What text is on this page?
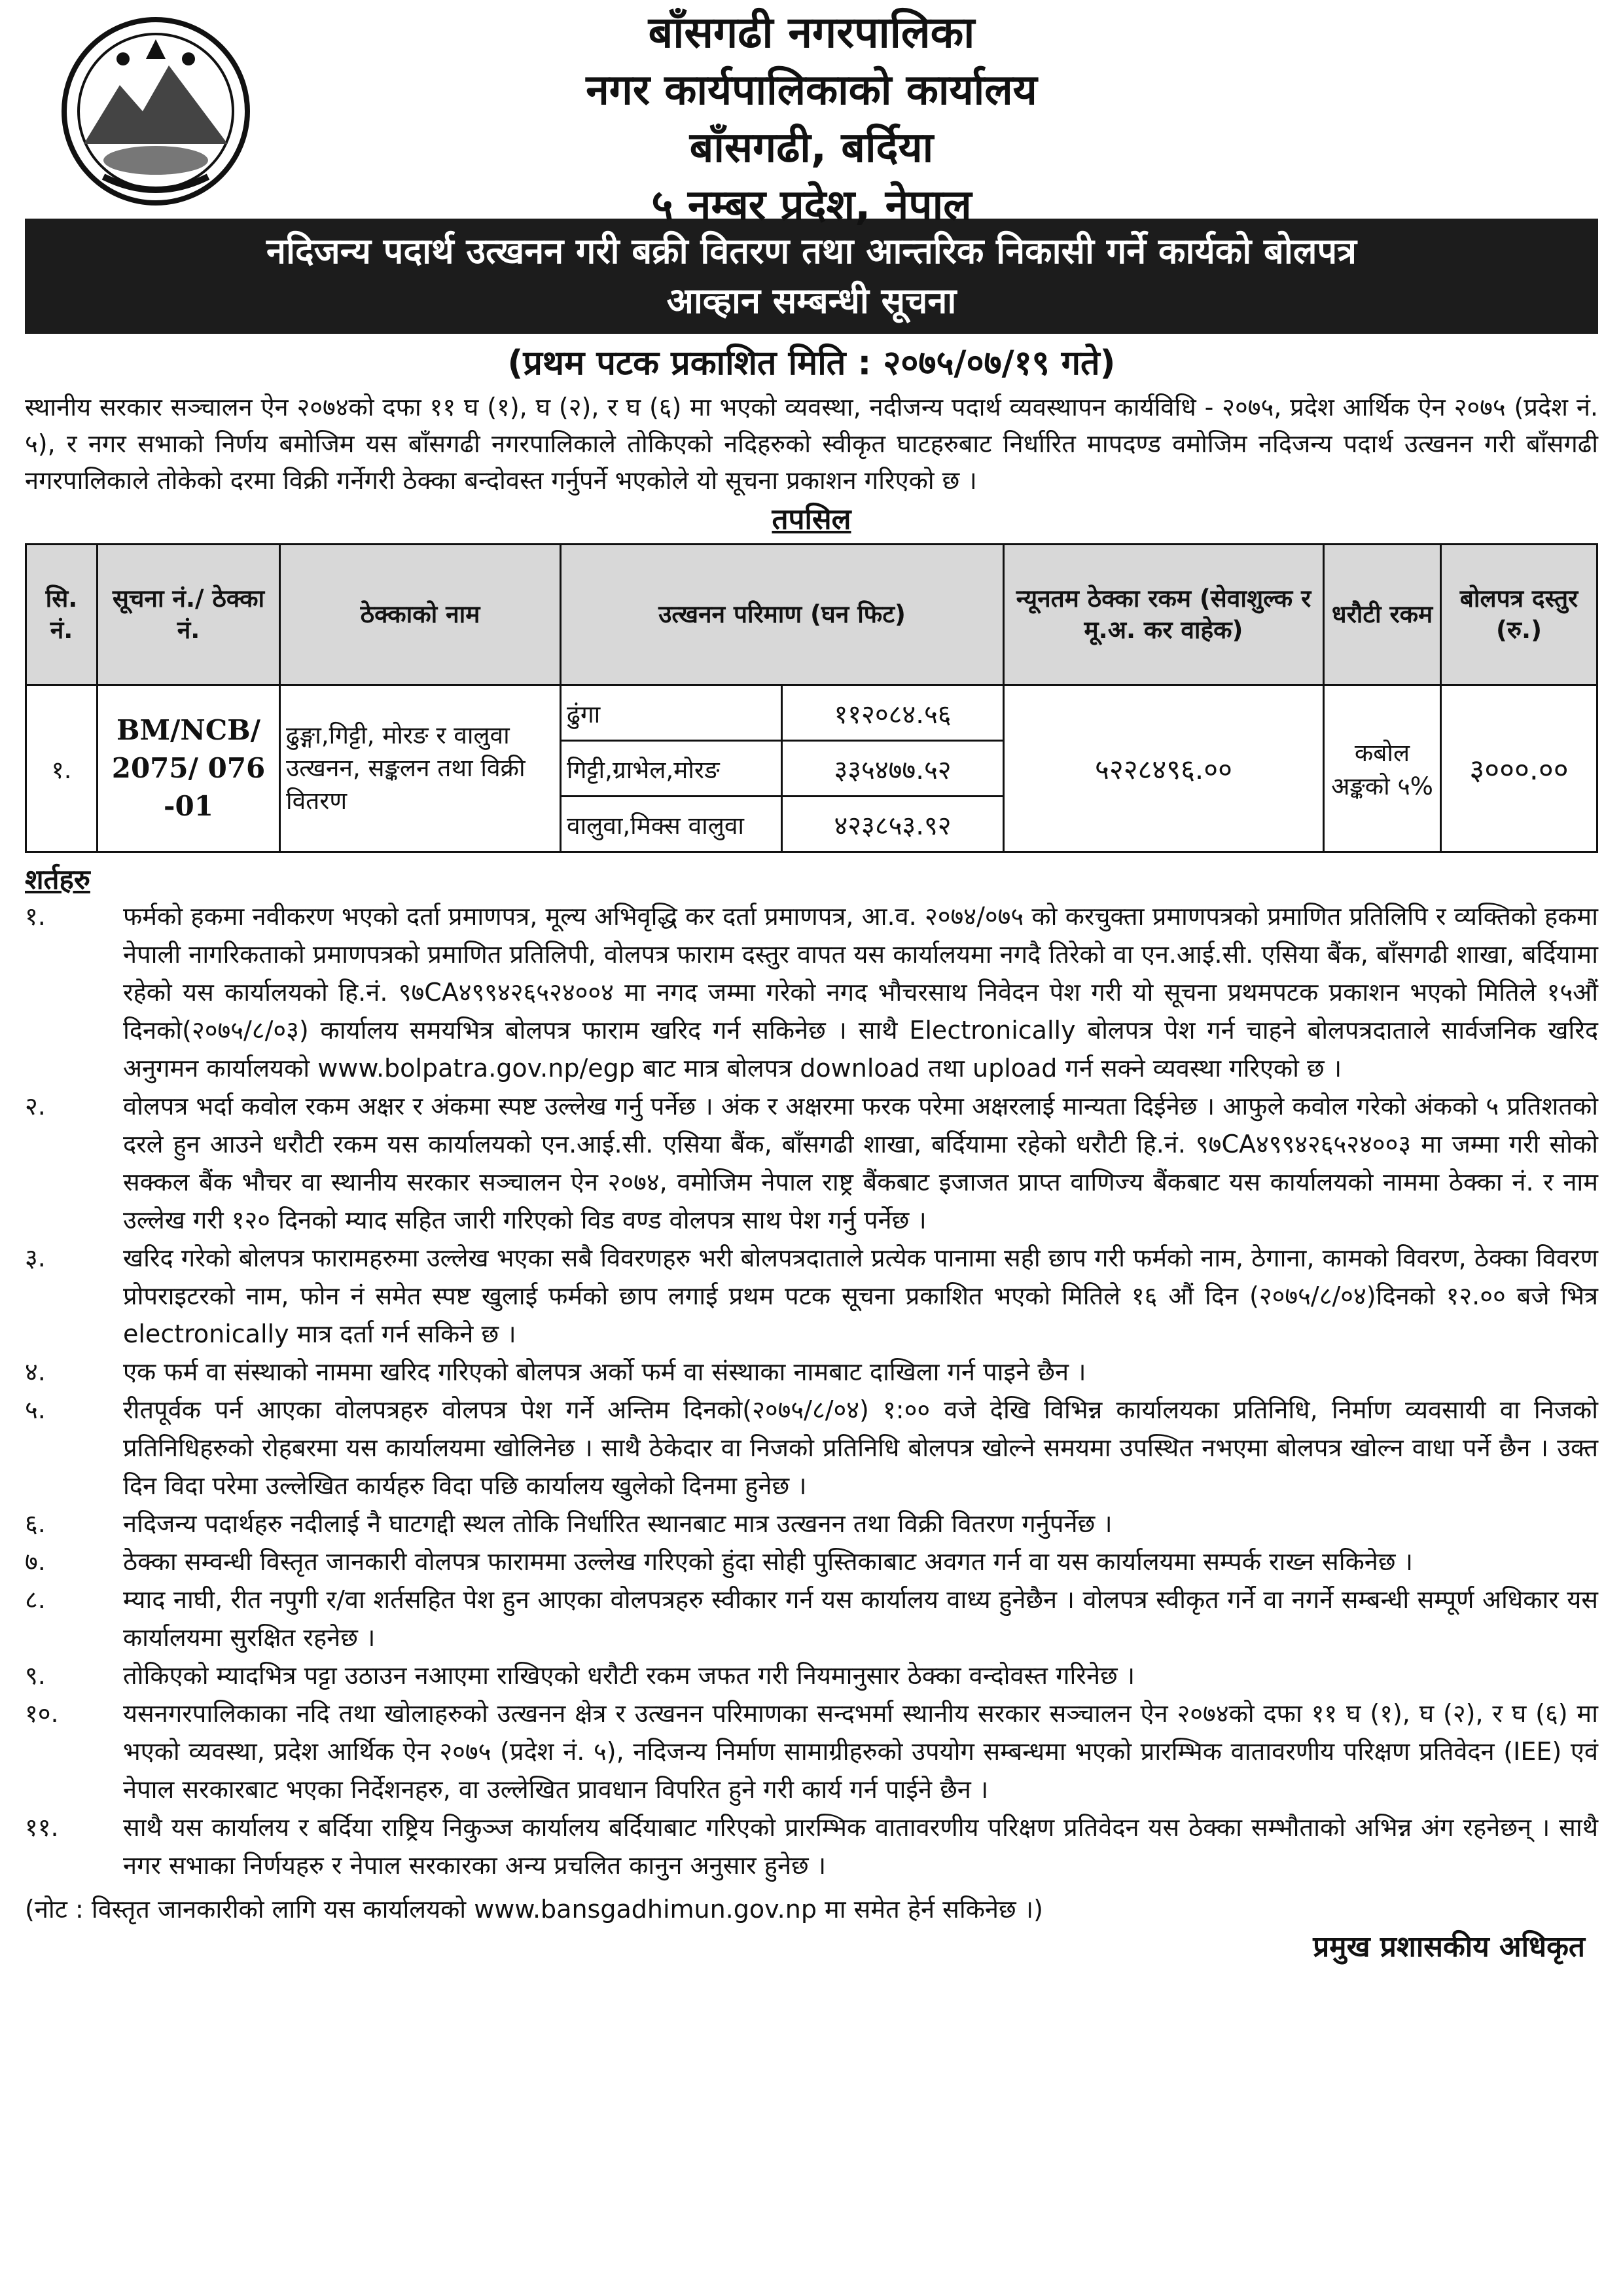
बाँसगढी नगरपालिका
नगर कार्यपालिकाको कार्यालय
बाँसगढी, बर्दिया
५ नम्बर प्रदेश, नेपाल
नदिजन्य पदार्थ उत्खनन गरी बक्री वितरण तथा आन्तरिक निकासी गर्ने कार्यको बोलपत्र
आव्हान सम्बन्धी सूचना
(प्रथम पटक प्रकाशित मिति : २०७५/०७/१९ गते)

स्थानीय सरकार सञ्चालन ऐन २०७४को दफा ११ घ (१), घ (२), र घ (६) मा भएको व्यवस्था, नदीजन्य पदार्थ व्यवस्थापन कार्यविधि - २०७५, प्रदेश आर्थिक ऐन २०७५ (प्रदेश नं. ५), र नगर सभाको निर्णय बमोजिम यस बाँसगढी नगरपालिकाले तोकिएको नदिहरुको स्वीकृत घाटहरुबाट निर्धारित मापदण्ड वमोजिम नदिजन्य पदार्थ उत्खनन गरी बाँसगढी नगरपालिकाले तोकेको दरमा विक्री गर्नेगरी ठेक्का बन्दोवस्त गर्नुपर्ने भएकोले यो सूचना प्रकाशन गरिएको छ ।

तपसिल
सि. नं.	सूचना नं./ ठेक्का नं.	ठेक्काको नाम	उत्खनन परिमाण (घन फिट)		न्यूनतम ठेक्का रकम (सेवाशुल्क र मू.अ. कर वाहेक)	धरौटी रकम	बोलपत्र दस्तुर (रु.)
१.	BM/NCB/ 2075/ 076 -01	ढुङ्गा,गिट्टी, मोरङ र वालुवा उत्खनन, सङ्कलन तथा विक्री वितरण	ढुंगा	११२०८४.५६	५२२८४९६.००	कबोल अङ्कको ५%	३०००.००
			गिट्टी,ग्राभेल,मोरङ	३३५४७७.५२			
			वालुवा,मिक्स वालुवा	४२३८५३.९२			
शर्तहरु
१.	फर्मको हकमा नवीकरण भएको दर्ता प्रमाणपत्र, मूल्य अभिवृद्धि कर दर्ता प्रमाणपत्र, आ.व. २०७४/०७५ को करचुक्ता प्रमाणपत्रको प्रमाणित प्रतिलिपि र व्यक्तिको हकमा नेपाली नागरिकताको प्रमाणपत्रको प्रमाणित प्रतिलिपी, वोलपत्र फाराम दस्तुर वापत यस कार्यालयमा नगदै तिरेको वा एन.आई.सी. एसिया बैंक, बाँसगढी शाखा, बर्दियामा रहेको यस कार्यालयको हि.नं. ९७CA४९९४२६५२४००४ मा नगद जम्मा गरेको नगद भौचरसाथ निवेदन पेश गरी यो सूचना प्रथमपटक प्रकाशन भएको मितिले १५औं दिनको(२०७५/८/०३) कार्यालय समयभित्र बोलपत्र फाराम खरिद गर्न सकिनेछ । साथै Electronically बोलपत्र पेश गर्न चाहने बोलपत्रदाताले सार्वजनिक खरिद अनुगमन कार्यालयको www.bolpatra.gov.np/egp बाट मात्र बोलपत्र download तथा upload गर्न सक्ने व्यवस्था गरिएको छ ।
२.	वोलपत्र भर्दा कवोल रकम अक्षर र अंकमा स्पष्ट उल्लेख गर्नु पर्नेछ । अंक र अक्षरमा फरक परेमा अक्षरलाई मान्यता दिईनेछ । आफुले कवोल गरेको अंकको ५ प्रतिशतको दरले हुन आउने धरौटी रकम यस कार्यालयको एन.आई.सी. एसिया बैंक, बाँसगढी शाखा, बर्दियामा रहेको धरौटी हि.नं. ९७CA४९९४२६५२४००३ मा जम्मा गरी सोको सक्कल बैंक भौचर वा स्थानीय सरकार सञ्चालन ऐन २०७४, वमोजिम नेपाल राष्ट्र बैंकबाट इजाजत प्राप्त वाणिज्य बैंकबाट यस कार्यालयको नाममा ठेक्का नं. र नाम उल्लेख गरी १२० दिनको म्याद सहित जारी गरिएको विड वण्ड वोलपत्र साथ पेश गर्नु पर्नेछ ।
३.	खरिद गरेको बोलपत्र फारामहरुमा उल्लेख भएका सबै विवरणहरु भरी बोलपत्रदाताले प्रत्येक पानामा सही छाप गरी फर्मको नाम, ठेगाना, कामको विवरण, ठेक्का विवरण प्रोपराइटरको नाम, फोन नं समेत स्पष्ट खुलाई फर्मको छाप लगाई प्रथम पटक सूचना प्रकाशित भएको मितिले १६ औं दिन (२०७५/८/०४)दिनको १२.०० बजे भित्र electronically मात्र दर्ता गर्न सकिने छ ।
४.	एक फर्म वा संस्थाको नाममा खरिद गरिएको बोलपत्र अर्को फर्म वा संस्थाका नामबाट दाखिला गर्न पाइने छैन ।
५.	रीतपूर्वक पर्न आएका वोलपत्रहरु वोलपत्र पेश गर्ने अन्तिम दिनको(२०७५/८/०४) १:०० वजे देखि विभिन्न कार्यालयका प्रतिनिधि, निर्माण व्यवसायी वा निजको प्रतिनिधिहरुको रोहबरमा यस कार्यालयमा खोलिनेछ । साथै ठेकेदार वा निजको प्रतिनिधि बोलपत्र खोल्ने समयमा उपस्थित नभएमा बोलपत्र खोल्न वाधा पर्ने छैन । उक्त दिन विदा परेमा उल्लेखित कार्यहरु विदा पछि कार्यालय खुलेको दिनमा हुनेछ ।
६.	नदिजन्य पदार्थहरु नदीलाई नै घाटगद्दी स्थल तोकि निर्धारित स्थानबाट मात्र उत्खनन तथा विक्री वितरण गर्नुपर्नेछ ।
७.	ठेक्का सम्वन्धी विस्तृत जानकारी वोलपत्र फाराममा उल्लेख गरिएको हुंदा सोही पुस्तिकाबाट अवगत गर्न वा यस कार्यालयमा सम्पर्क राख्न सकिनेछ ।
८.	म्याद नाघी, रीत नपुगी र/वा शर्तसहित पेश हुन आएका वोलपत्रहरु स्वीकार गर्न यस कार्यालय वाध्य हुनेछैन । वोलपत्र स्वीकृत गर्ने वा नगर्ने सम्बन्धी सम्पूर्ण अधिकार यस कार्यालयमा सुरक्षित रहनेछ ।
९.	तोकिएको म्यादभित्र पट्टा उठाउन नआएमा राखिएको धरौटी रकम जफत गरी नियमानुसार ठेक्का वन्दोवस्त गरिनेछ ।
१०.	यसनगरपालिकाका नदि तथा खोलाहरुको उत्खनन क्षेत्र र उत्खनन परिमाणका सन्दभर्मा स्थानीय सरकार सञ्चालन ऐन २०७४को दफा ११ घ (१), घ (२), र घ (६) मा भएको व्यवस्था, प्रदेश आर्थिक ऐन २०७५ (प्रदेश नं. ५), नदिजन्य निर्माण सामाग्रीहरुको उपयोग सम्बन्धमा भएको प्रारम्भिक वातावरणीय परिक्षण प्रतिवेदन (IEE) एवं नेपाल सरकारबाट भएका निर्देशनहरु, वा उल्लेखित प्रावधान विपरित हुने गरी कार्य गर्न पाईने छैन ।
११.	साथै यस कार्यालय र बर्दिया राष्ट्रिय निकुञ्ज कार्यालय बर्दियाबाट गरिएको प्रारम्भिक वातावरणीय परिक्षण प्रतिवेदन यस ठेक्का सम्भौताको अभिन्न अंग रहनेछन् । साथै नगर सभाका निर्णयहरु र नेपाल सरकारका अन्य प्रचलित कानुन अनुसार हुनेछ ।
(नोट : विस्तृत जानकारीको लागि यस कार्यालयको www.bansgadhimun.gov.np मा समेत हेर्न सकिनेछ ।)
प्रमुख प्रशासकीय अधिकृत
